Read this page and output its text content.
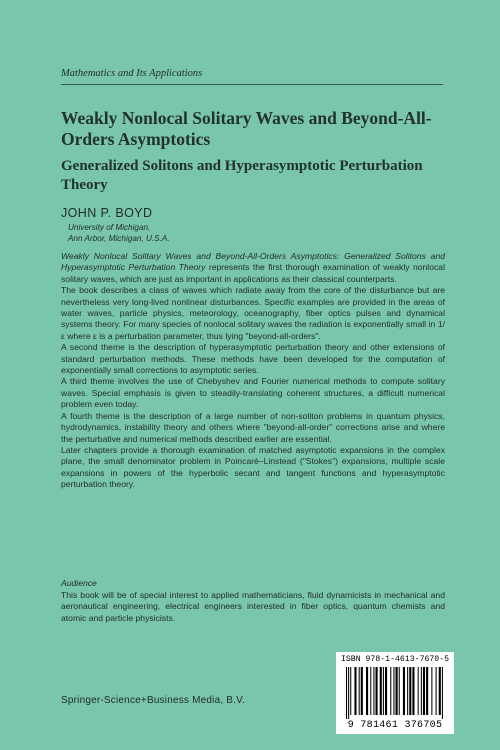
Mathematics and Its Applications
Weakly Nonlocal Solitary Waves and Beyond-All-Orders Asymptotics
Generalized Solitons and Hyperasymptotic Perturbation Theory
JOHN P. BOYD
University of Michigan,
Ann Arbor, Michigan, U.S.A.

Weakly Nonlocal Solitary Waves and Beyond-All-Orders Asymptotics: Generalized Solitons and Hyperasymptotic Perturbation Theory represents the first thorough examination of weakly nonlocal solitary waves, which are just as important in applications as their classical counterparts.

The book describes a class of waves which radiate away from the core of the disturbance but are nevertheless very long-lived nonlinear disturbances. Specific examples are provided in the areas of water waves, particle physics, meteorology, oceanography, fiber optics pulses and dynamical systems theory. For many species of nonlocal solitary waves the radiation is exponentially small in 1/ε where ε is a perturbation parameter, thus lying "beyond-all-orders".

A second theme is the description of hyperasymptotic perturbation theory and other extensions of standard perturbation methods. These methods have been developed for the computation of exponentially small corrections to asymptotic series.

A third theme involves the use of Chebyshev and Fourier numerical methods to compute solitary waves. Special emphasis is given to steadily-translating coherent structures, a difficult numerical problem even today.

A fourth theme is the description of a large number of non-soliton problems in quantum physics, hydrodynamics, instability theory and others where "beyond-all-order" corrections arise and where the perturbative and numerical methods described earlier are essential.

Later chapters provide a thorough examination of matched asymptotic expansions in the complex plane, the small denominator problem in Poincaré–Linstead ("Stokes") expansions, multiple scale expansions in powers of the hyperbolic secant and tangent functions and hyperasymptotic perturbation theory.

Audience

This book will be of special interest to applied mathematicians, fluid dynamicists in mechanical and aeronautical engineering, electrical engineers interested in fiber optics, quantum chemists and atomic and particle physicists.

Springer-Science+Business Media, B.V.
ISBN 978-1-4613-7670-5
9 781461 376705
